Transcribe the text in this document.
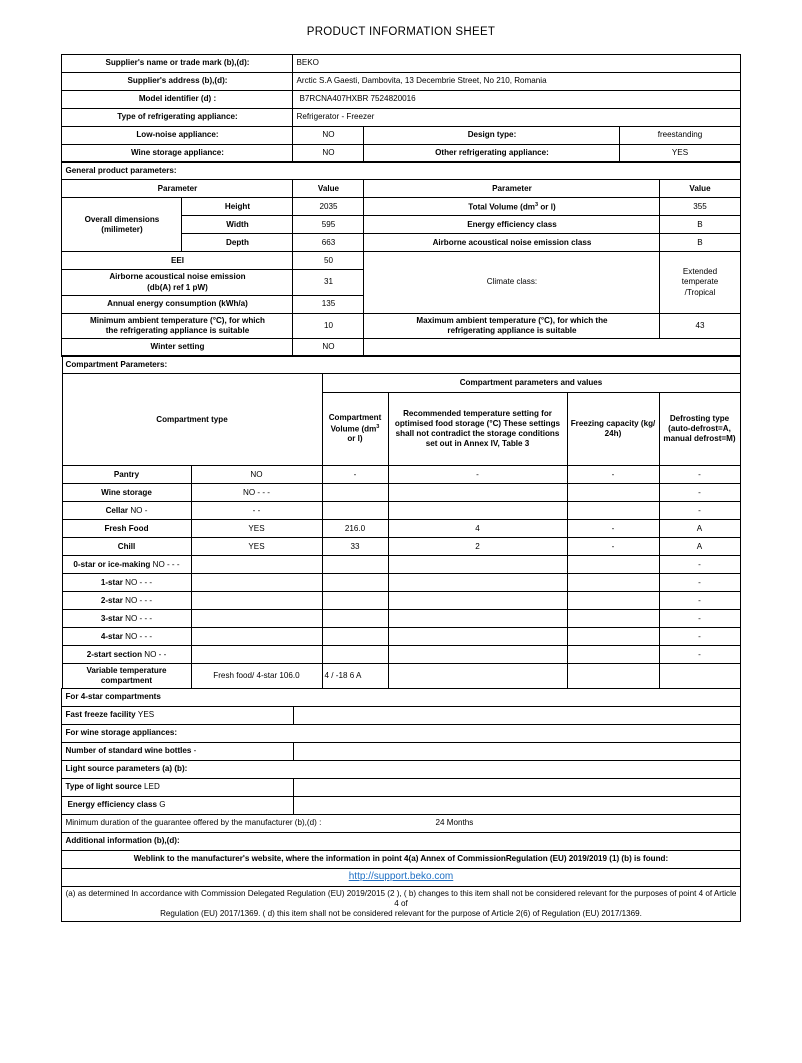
PRODUCT INFORMATION SHEET
Supplier's name or trade mark (b),(d):	BEKO		
Supplier's address (b),(d):	Arctic S.A Gaesti, Dambovita, 13 Decembrie Street, No 210, Romania		
Model identifier (d) :	B7RCNA407HXBR 7524820016		
Type of refrigerating appliance:	Refrigerator - Freezer		
Low-noise appliance:	NO	Design type:	freestanding
Wine storage appliance:	NO	Other refrigerating appliance:	YES
General product parameters:				
Parameter		Value	Parameter	Value

Overall dimensions
(milimeter)	Height	2035	Total Volume ($dm^3$ or l)	355
	Width	595	Energy efficiency class	B
	Depth	663	Airborne acoustical noise emission class	B
EEI		50	Climate class:	Extended
temperate
/Tropical

Airborne acoustical noise emission
(db(A) ref 1 pW)		31		
Annual energy consumption (kWh/a)		135		

Minimum ambient temperature (°C), for which
the refrigerating appliance is suitable		10	Maximum ambient temperature (°C), for which the
refrigerating appliance is suitable	43
Winter setting		NO		
Compartment Parameters:					
Compartment type		Compartment parameters and values			
		Compartment Volume ($dm^3$ or l)	Recommended temperature setting for optimised food storage (°C) These settings shall not contradict the storage conditions set out in Annex IV, Table 3	Freezing capacity (kg/ 24h)	Defrosting type (auto-defrost=A, manual defrost=M)
Pantry	NO	-	-	-	-
Wine storage	NO - - -				-
Cellar NO -	- -				-
Fresh Food	YES	216.0	4	-	A
Chill	YES	33	2	-	A
0-star or ice-making NO - - -					-
1-star NO - - -					-
2-star NO - - -					-
3-star NO - - -					-
4-star NO - - -					-
2-start section NO - -					-

Variable temperature
compartment	Fresh food/ 4-star 106.0	4 / -18 6 A			

For 4-star compartments	
Fast freeze facility YES	
For wine storage appliances:	
Number of standard wine bottles -	
Light source parameters (a) (b):	
Type of light source LED	
Energy efficiency class G	
Minimum duration of the guarantee offered by the manufacturer (b),(d) : 24 Months	
Additional information (b),(d):	
Weblink to the manufacturer's website, where the information in point 4(a) Annex of CommissionRegulation (EU) 2019/2019 (1) (b) is found:	
http://support.beko.com	

(a) as determined In accordance with Commission Delegated Regulation (EU) 2019/2015 (2 ), ( b) changes to this item shall not be considered relevant for the purposes of point 4 of Article 4 of
Regulation (EU) 2017/1369. ( d) this item shall not be considered relevant for the purpose of Article 2(6) of Regulation (EU) 2017/1369.	
